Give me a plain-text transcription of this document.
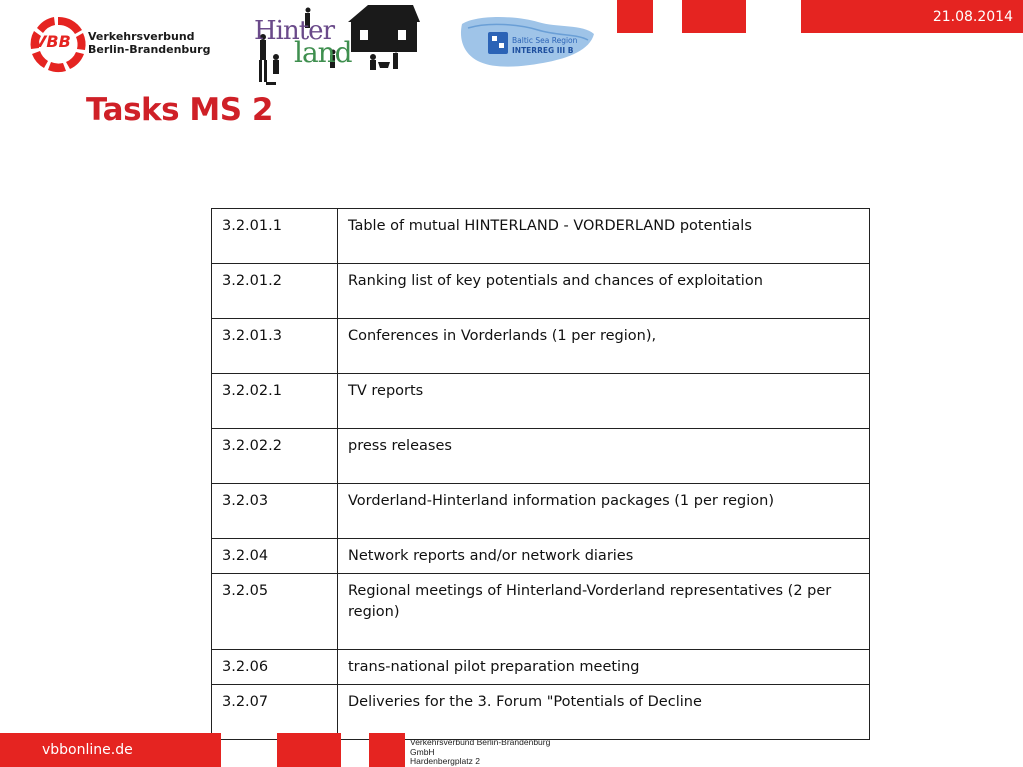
21.08.2014
VBB Verkehrsverbund
Berlin-Brandenburg
Hinter
land	Baltic Sea Region
INTERREG III B
Tasks MS 2
3.2.01.1	Table of mutual HINTERLAND - VORDERLAND potentials
3.2.01.2	Ranking list of key potentials and chances of exploitation
3.2.01.3	Conferences in Vorderlands (1 per region),
3.2.02.1	TV reports
3.2.02.2	press releases
3.2.03	Vorderland-Hinterland information packages (1 per region)
3.2.04	Network reports and/or network diaries
3.2.05	Regional meetings of Hinterland-Vorderland representatives (2 per region)
3.2.06	trans-national pilot preparation meeting
3.2.07	Deliveries for the 3. Forum "Potentials of Decline
vbbonline.de	Verkehrsverbund Berlin-Brandenburg
GmbH
Hardenbergplatz 2
